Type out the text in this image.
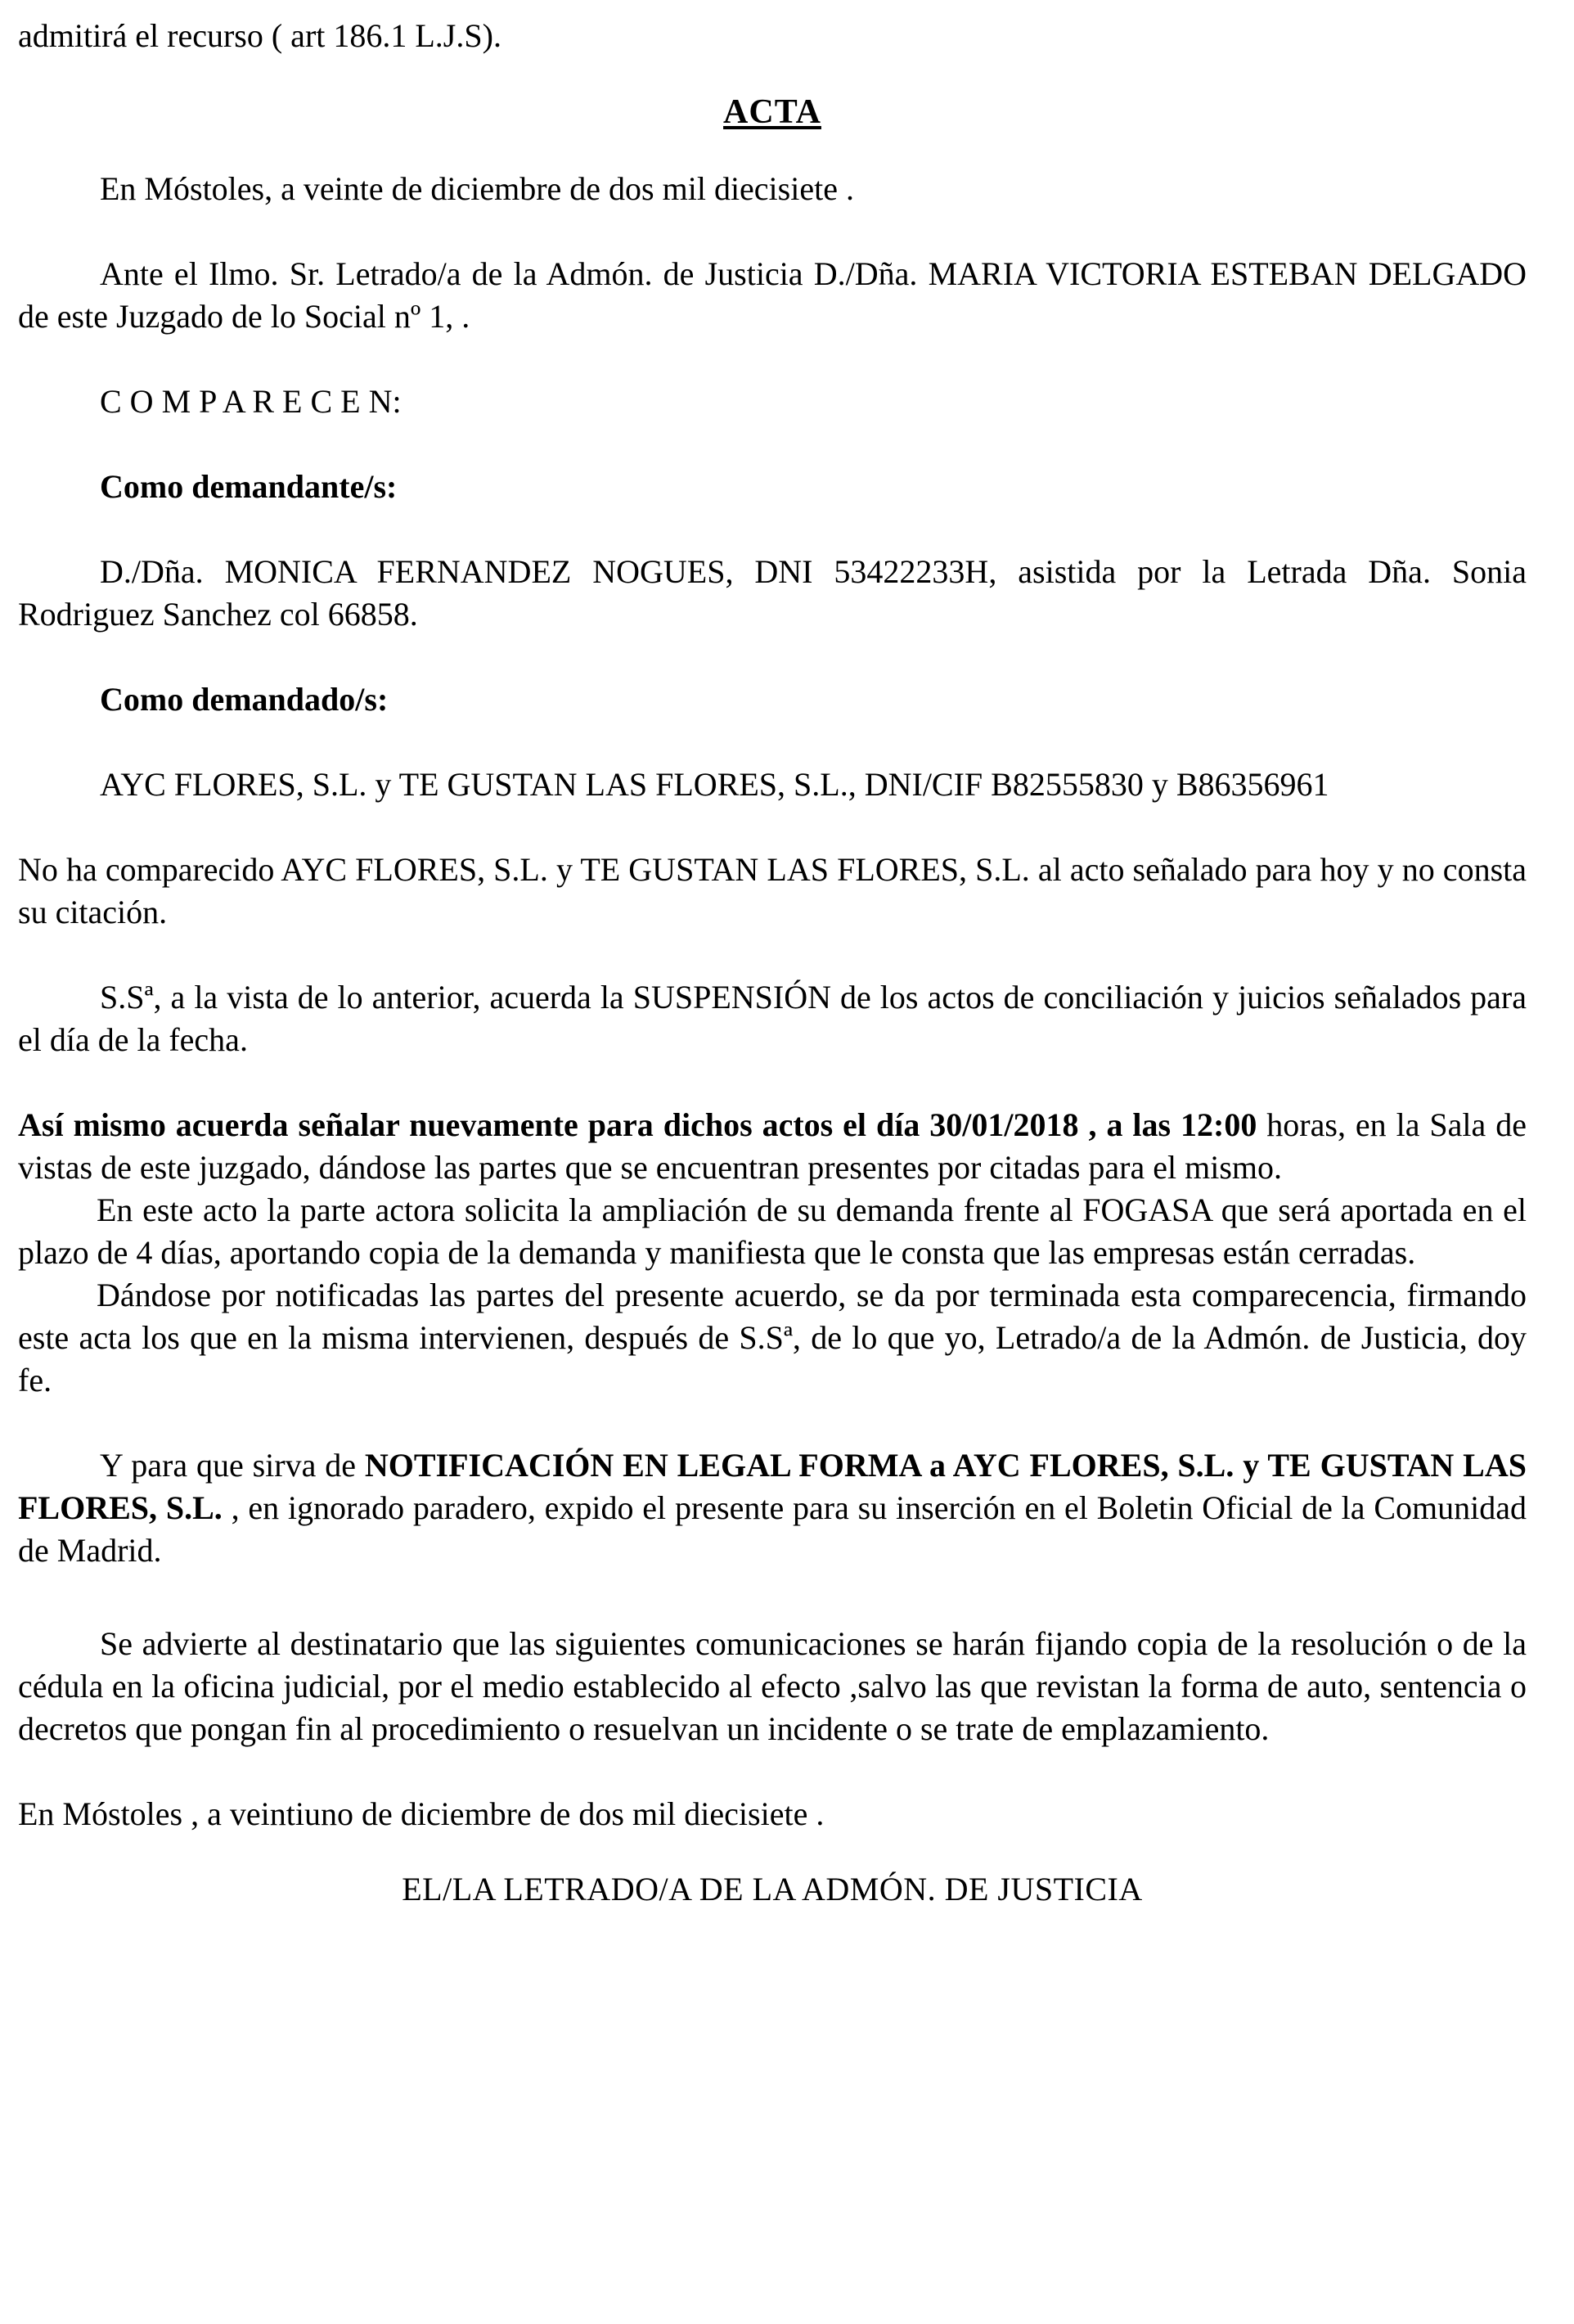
admitirá el recurso ( art 186.1 L.J.S).

ACTA

En Móstoles, a veinte de diciembre de dos mil diecisiete .

Ante el Ilmo. Sr. Letrado/a de la Admón. de Justicia D./Dña. MARIA VICTORIA ESTEBAN DELGADO de este Juzgado de lo Social nº 1, .

C O M P A R E C E N:

Como demandante/s:

D./Dña. MONICA FERNANDEZ NOGUES, DNI 53422233H, asistida por la Letrada Dña. Sonia Rodriguez Sanchez col 66858.

Como demandado/s:

AYC FLORES, S.L. y TE GUSTAN LAS FLORES, S.L., DNI/CIF B82555830 y B86356961

No ha comparecido AYC FLORES, S.L. y TE GUSTAN LAS FLORES, S.L. al acto señalado para hoy y no consta su citación.

S.Sª, a la vista de lo anterior, acuerda la SUSPENSIÓN de los actos de conciliación y juicios señalados para el día de la fecha.

Así mismo acuerda señalar nuevamente para dichos actos el día 30/01/2018 , a las 12:00 horas, en la Sala de vistas de este juzgado, dándose las partes que se encuentran presentes por citadas para el mismo.

En este acto la parte actora solicita la ampliación de su demanda frente al FOGASA que será aportada en el plazo de 4 días, aportando copia de la demanda y manifiesta que le consta que las empresas están cerradas.

Dándose por notificadas las partes del presente acuerdo, se da por terminada esta comparecencia, firmando este acta los que en la misma intervienen, después de S.Sª, de lo que yo, Letrado/a de la Admón. de Justicia, doy fe.

Y para que sirva de NOTIFICACIÓN EN LEGAL FORMA a AYC FLORES, S.L. y TE GUSTAN LAS FLORES, S.L. , en ignorado paradero, expido el presente para su inserción en el Boletin Oficial de la Comunidad de Madrid.

Se advierte al destinatario que las siguientes comunicaciones se harán fijando copia de la resolución o de la cédula en la oficina judicial, por el medio establecido al efecto ,salvo las que revistan la forma de auto, sentencia o decretos que pongan fin al procedimiento o resuelvan un incidente o se trate de emplazamiento.

En Móstoles , a veintiuno de diciembre de dos mil diecisiete .

EL/LA LETRADO/A DE LA ADMÓN. DE JUSTICIA
